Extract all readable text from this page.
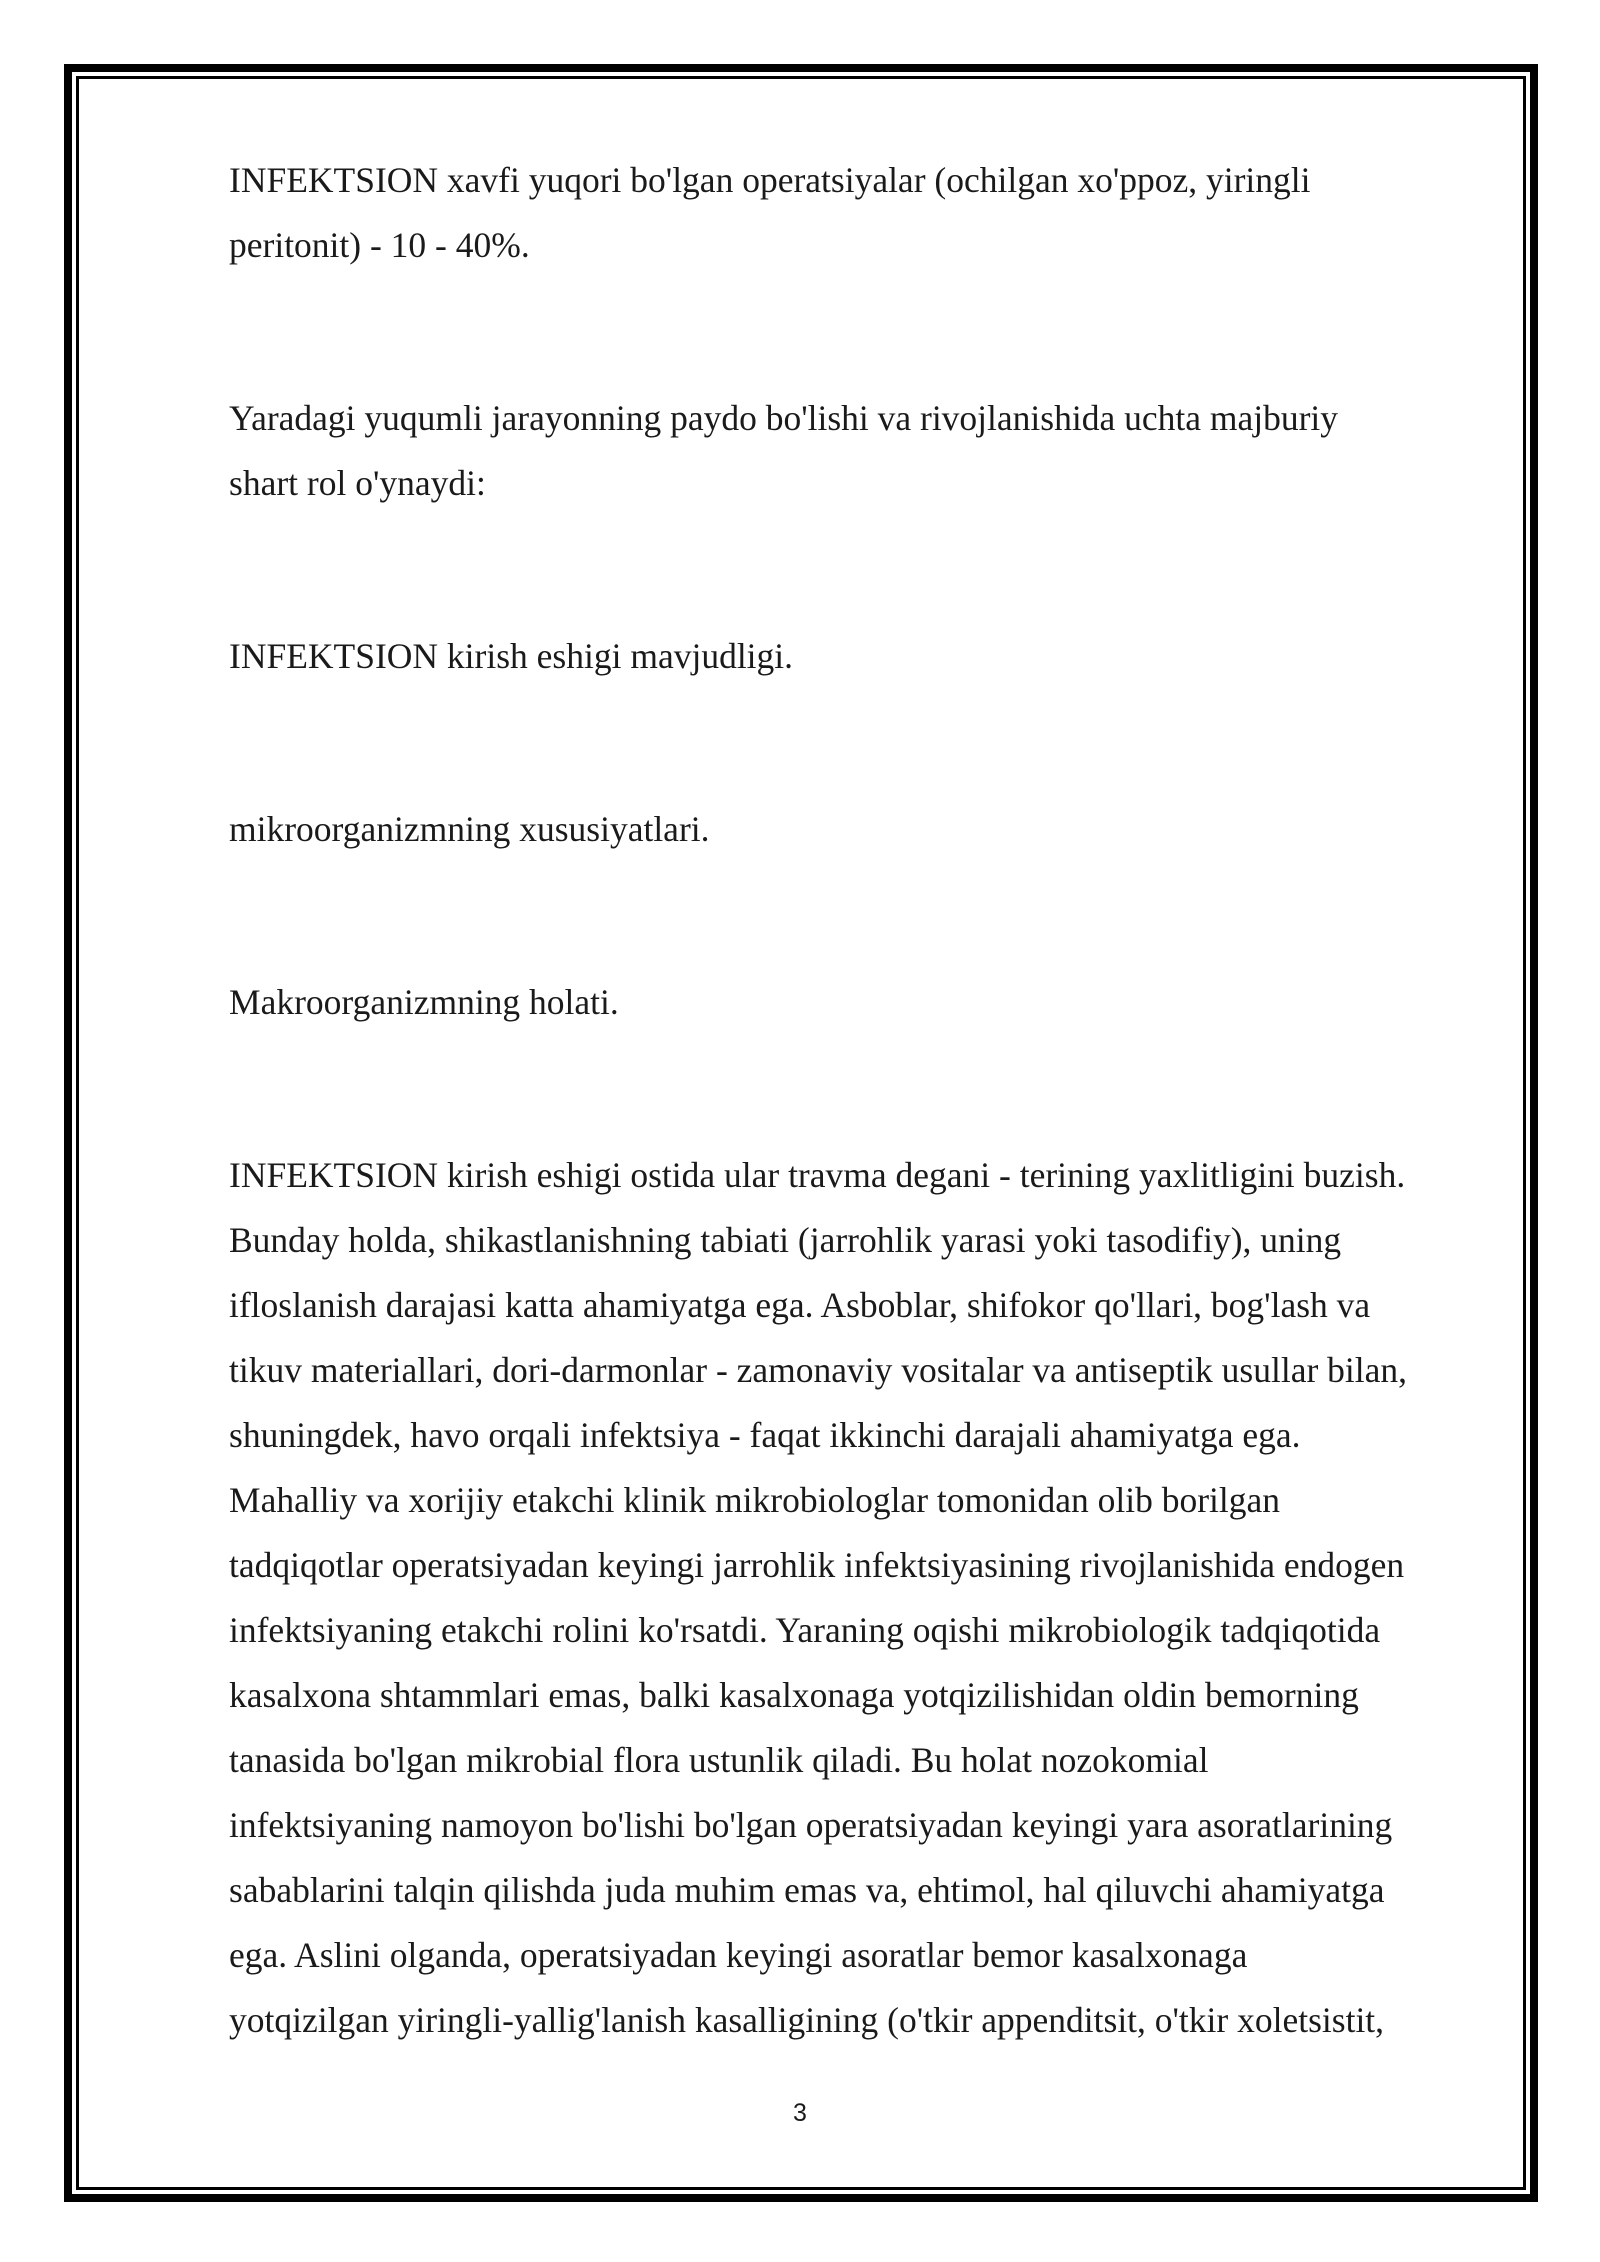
INFEKTSION xavfi yuqori bo'lgan operatsiyalar (ochilgan xo'ppoz, yiringli
peritonit) - 10 - 40%.

Yaradagi yuqumli jarayonning paydo bo'lishi va rivojlanishida uchta majburiy
shart rol o'ynaydi:

INFEKTSION kirish eshigi mavjudligi.

mikroorganizmning xususiyatlari.

Makroorganizmning holati.

INFEKTSION kirish eshigi ostida ular travma degani - terining yaxlitligini buzish.
Bunday holda, shikastlanishning tabiati (jarrohlik yarasi yoki tasodifiy), uning
ifloslanish darajasi katta ahamiyatga ega. Asboblar, shifokor qo'llari, bog'lash va
tikuv materiallari, dori-darmonlar - zamonaviy vositalar va antiseptik usullar bilan,
shuningdek, havo orqali infektsiya - faqat ikkinchi darajali ahamiyatga ega.
Mahalliy va xorijiy etakchi klinik mikrobiologlar tomonidan olib borilgan
tadqiqotlar operatsiyadan keyingi jarrohlik infektsiyasining rivojlanishida endogen
infektsiyaning etakchi rolini ko'rsatdi. Yaraning oqishi mikrobiologik tadqiqotida
kasalxona shtammlari emas, balki kasalxonaga yotqizilishidan oldin bemorning
tanasida bo'lgan mikrobial flora ustunlik qiladi. Bu holat nozokomial
infektsiyaning namoyon bo'lishi bo'lgan operatsiyadan keyingi yara asoratlarining
sabablarini talqin qilishda juda muhim emas va, ehtimol, hal qiluvchi ahamiyatga
ega. Aslini olganda, operatsiyadan keyingi asoratlar bemor kasalxonaga
yotqizilgan yiringli-yallig'lanish kasalligining (o'tkir appenditsit, o'tkir xoletsistit,

3
